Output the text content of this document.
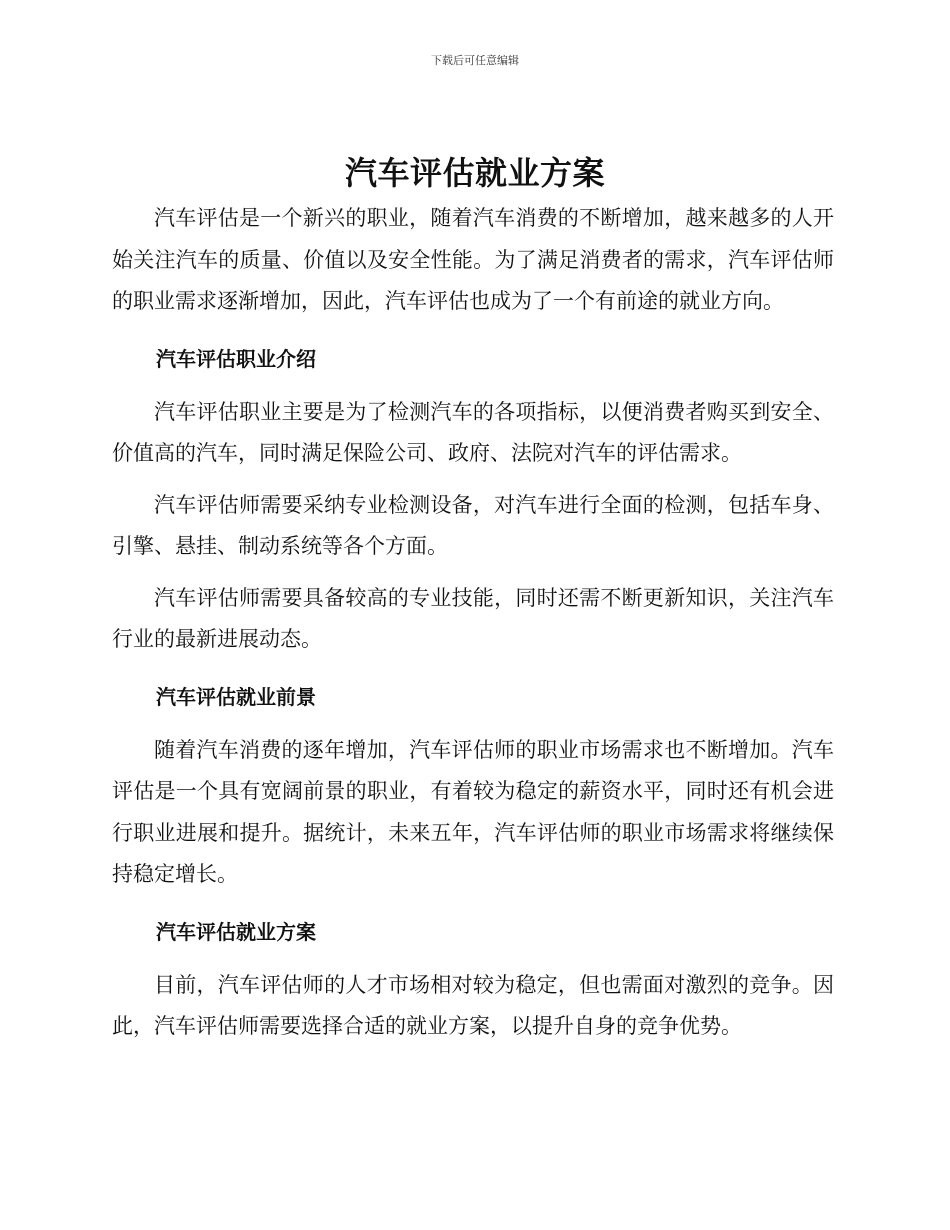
下载后可任意编辑
汽车评估就业方案

汽车评估是一个新兴的职业，随着汽车消费的不断增加，越来越多的人开始关注汽车的质量、价值以及安全性能。为了满足消费者的需求，汽车评估师的职业需求逐渐增加，因此，汽车评估也成为了一个有前途的就业方向。

汽车评估职业介绍

汽车评估职业主要是为了检测汽车的各项指标，以便消费者购买到安全、价值高的汽车，同时满足保险公司、政府、法院对汽车的评估需求。

汽车评估师需要采纳专业检测设备，对汽车进行全面的检测，包括车身、引擎、悬挂、制动系统等各个方面。

汽车评估师需要具备较高的专业技能，同时还需不断更新知识，关注汽车行业的最新进展动态。

汽车评估就业前景

随着汽车消费的逐年增加，汽车评估师的职业市场需求也不断增加。汽车评估是一个具有宽阔前景的职业，有着较为稳定的薪资水平，同时还有机会进行职业进展和提升。据统计，未来五年，汽车评估师的职业市场需求将继续保持稳定增长。

汽车评估就业方案

目前，汽车评估师的人才市场相对较为稳定，但也需面对激烈的竞争。因此，汽车评估师需要选择合适的就业方案，以提升自身的竞争优势。
